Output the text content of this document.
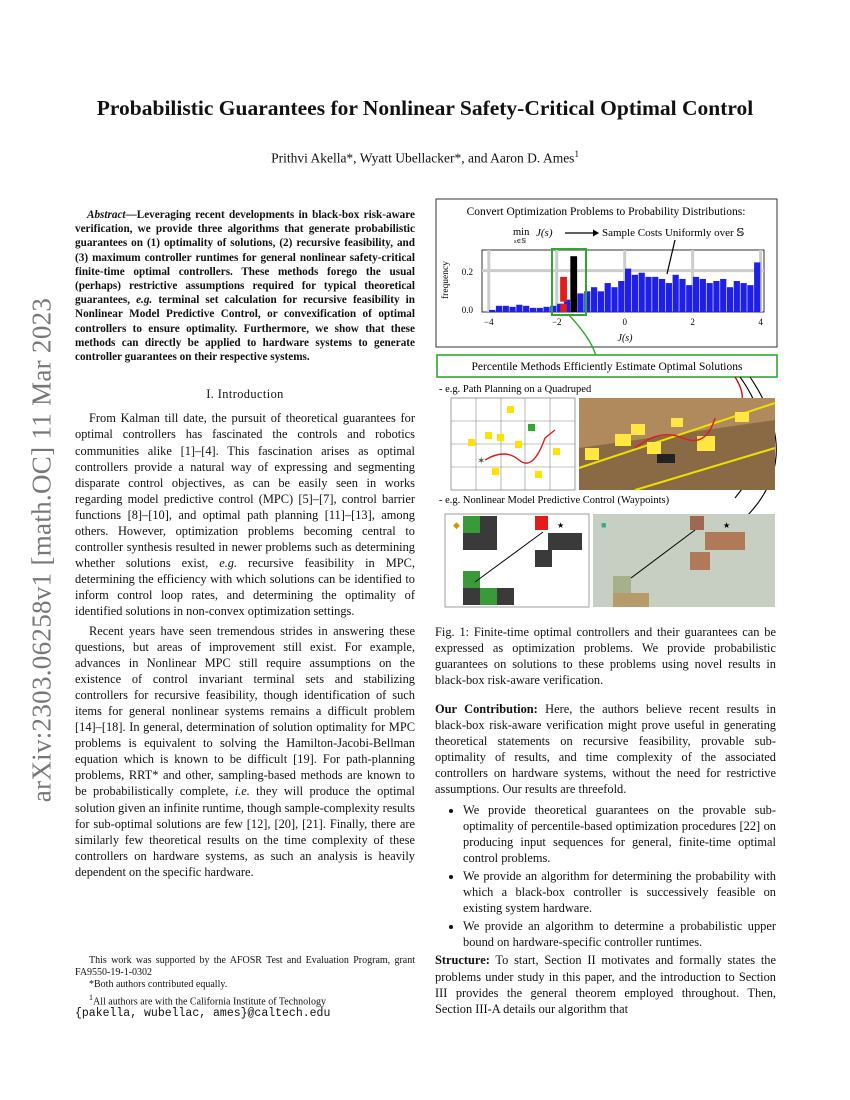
arXiv:2303.06258v1 [math.OC] 11 Mar 2023
Probabilistic Guarantees for Nonlinear Safety-Critical Optimal Control
Prithvi Akella*, Wyatt Ubellacker*, and Aaron D. Ames$^1$

Abstract—Leveraging recent developments in black-box risk-aware verification, we provide three algorithms that generate probabilistic guarantees on (1) optimality of solutions, (2) recursive feasibility, and (3) maximum controller runtimes for general nonlinear safety-critical finite-time optimal controllers. These methods forego the usual (perhaps) restrictive assumptions required for typical theoretical guarantees, e.g. terminal set calculation for recursive feasibility in Nonlinear Model Predictive Control, or convexification of optimal controllers to ensure optimality. Furthermore, we show that these methods can directly be applied to hardware systems to generate controller guarantees on their respective systems.

I. Introduction

From Kalman till date, the pursuit of theoretical guarantees for optimal controllers has fascinated the controls and robotics communities alike [1]–[4]. This fascination arises as optimal controllers provide a natural way of expressing and segmenting disparate control objectives, as can be easily seen in works regarding model predictive control (MPC) [5]–[7], control barrier functions [8]–[10], and optimal path planning [11]–[13], among others. However, optimization problems becoming central to controller synthesis resulted in newer problems such as determining whether solutions exist, e.g. recursive feasibility in MPC, determining the efficiency with which solutions can be identified to inform control loop rates, and determining the optimality of identified solutions in non-convex optimization settings.

Recent years have seen tremendous strides in answering these questions, but areas of improvement still exist. For example, advances in Nonlinear MPC still require assumptions on the existence of control invariant terminal sets and stabilizing controllers for recursive feasibility, though identification of such items for general nonlinear systems remains a difficult problem [14]–[18]. In general, determination of solution optimality for MPC problems is equivalent to solving the Hamilton-Jacobi-Bellman equation which is known to be difficult [19]. For path-planning problems, RRT* and other, sampling-based methods are known to be probabilistically complete, i.e. they will produce the optimal solution given an infinite runtime, though sample-complexity results for sub-optimal solutions are few [12], [20], [21]. Finally, there are similarly few theoretical results on the time complexity of these controllers on hardware systems, as such an analysis is heavily dependent on the specific hardware.

This work was supported by the AFOSR Test and Evaluation Program, grant FA9550-19-1-0302

*Both authors contributed equally.

$^1$All authors are with the California Institute of Technology

{pakella, wubellac, ames}@caltech.edu

Convert Optimization Problems to Probability Distributions:
min
s∈𝕊
J(s)	Sample Costs Uniformly over 𝕊
frequency 0.2
0.0
−4	−2	0	2	4
J(s)
Percentile Methods Efficiently Estimate Optimal Solutions
- e.g. Path Planning on a Quadruped
✶
- e.g. Nonlinear Model Predictive Control (Waypoints)
◆	★	■	★
Fig. 1: Finite-time optimal controllers and their guarantees can be expressed as optimization problems. We provide probabilistic guarantees on solutions to these problems using novel results in black-box risk-aware verification.

Our Contribution: Here, the authors believe recent results in black-box risk-aware verification might prove useful in generating theoretical statements on recursive feasibility, provable sub-optimality of results, and time complexity of the associated controllers on hardware systems, without the need for restrictive assumptions. Our results are threefold.

• We provide theoretical guarantees on the provable sub-optimality of percentile-based optimization procedures [22] on producing input sequences for general, finite-time optimal control problems.
• We provide an algorithm for determining the probability with which a black-box controller is successively feasible on existing system hardware.
• We provide an algorithm to determine a probabilistic upper bound on hardware-specific controller runtimes.

Structure: To start, Section II motivates and formally states the problems under study in this paper, and the introduction to Section III provides the general theorem employed throughout. Then, Section III-A details our algorithm that
